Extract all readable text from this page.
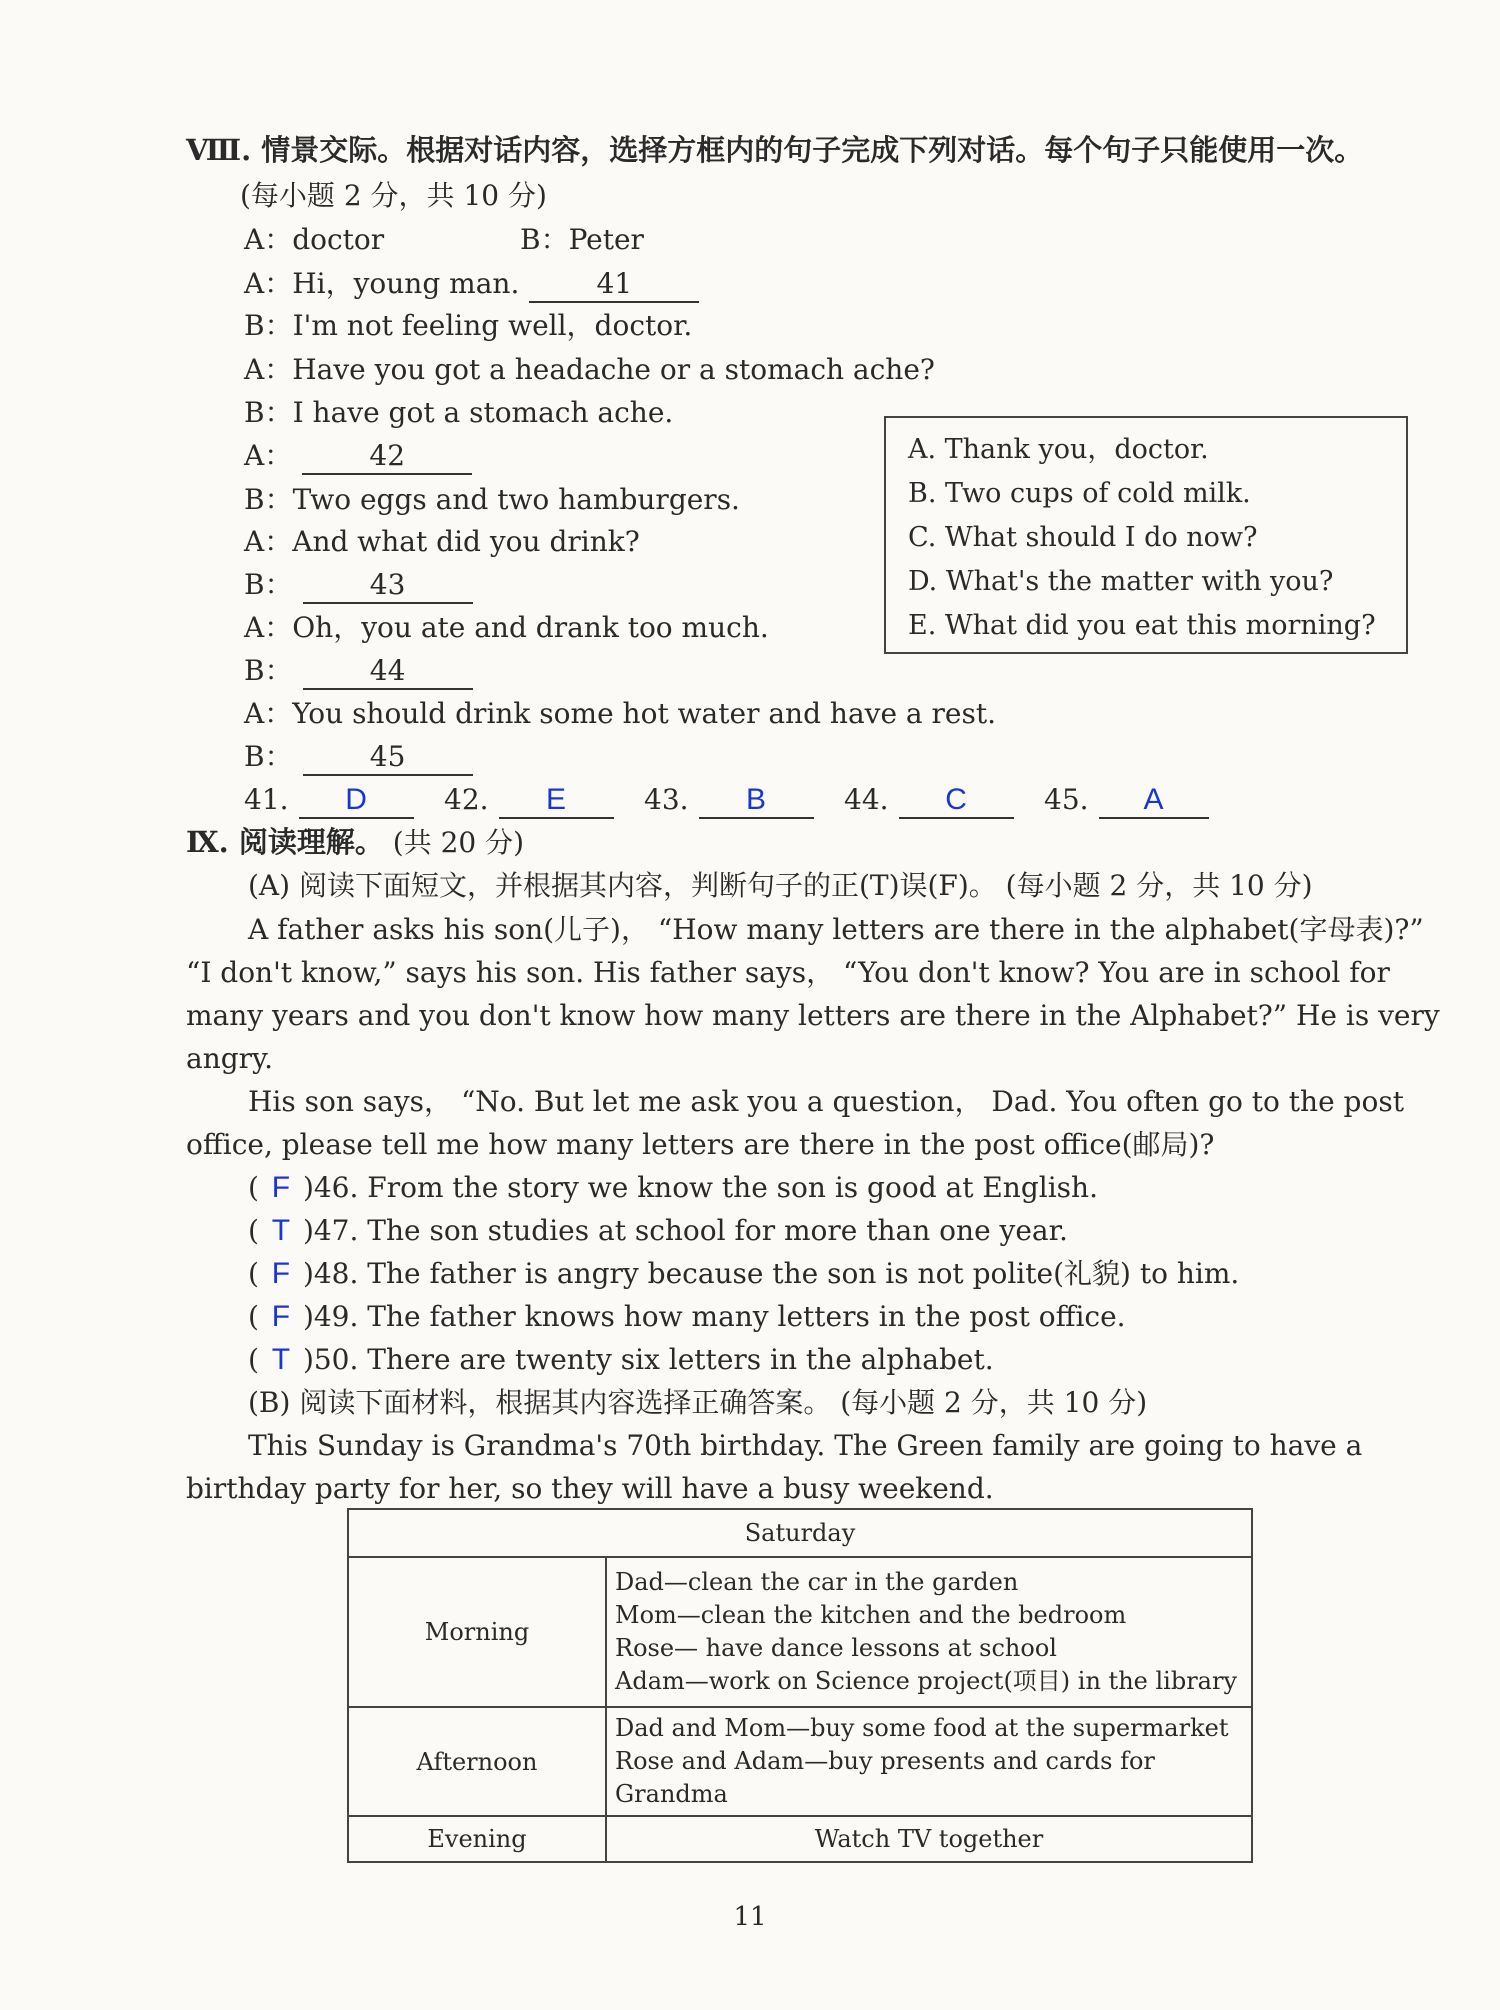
Ⅷ. 情景交际。根据对话内容，选择方框内的句子完成下列对话。每个句子只能使用一次。
(每小题 2 分，共 10 分)
A：doctor	B：Peter
A：Hi，young man.	41
B：I'm not feeling well，doctor.
A：Have you got a headache or a stomach ache?
B：I have got a stomach ache.
A：	42
B：Two eggs and two hamburgers.
A：And what did you drink?
B：	43
A：Oh，you ate and drank too much.
B：	44
A：You should drink some hot water and have a rest.
B：	45
A. Thank you，doctor.
B. Two cups of cold milk.
C. What should I do now?
D. What's the matter with you?
E. What did you eat this morning?
41. D	42. E	43. B	44. C	45. A
Ⅸ. 阅读理解。 (共 20 分)
(A) 阅读下面短文，并根据其内容，判断句子的正(T)误(F)。 (每小题 2 分，共 10 分)
A father asks his son(儿子)， “How many letters are there in the alphabet(字母表)?”
“I don't know,” says his son. His father says， “You don't know? You are in school for
many years and you don't know how many letters are there in the Alphabet?” He is very
angry.
His son says， “No. But let me ask you a question， Dad. You often go to the post
office, please tell me how many letters are there in the post office(邮局)?
( F )46. From the story we know the son is good at English.
( T )47. The son studies at school for more than one year.
( F )48. The father is angry because the son is not polite(礼貌) to him.
( F )49. The father knows how many letters in the post office.
( T )50. There are twenty six letters in the alphabet.
(B) 阅读下面材料，根据其内容选择正确答案。 (每小题 2 分，共 10 分)
This Sunday is Grandma's 70th birthday. The Green family are going to have a
birthday party for her, so they will have a busy weekend.
Saturday	
Morning	Dad—clean the car in the garden
Mom—clean the kitchen and the bedroom
Rose— have dance lessons at school
Adam—work on Science project(项目) in the library

Afternoon	Dad and Mom—buy some food at the supermarket
Rose and Adam—buy presents and cards for Grandma

Evening	Watch TV together
11
